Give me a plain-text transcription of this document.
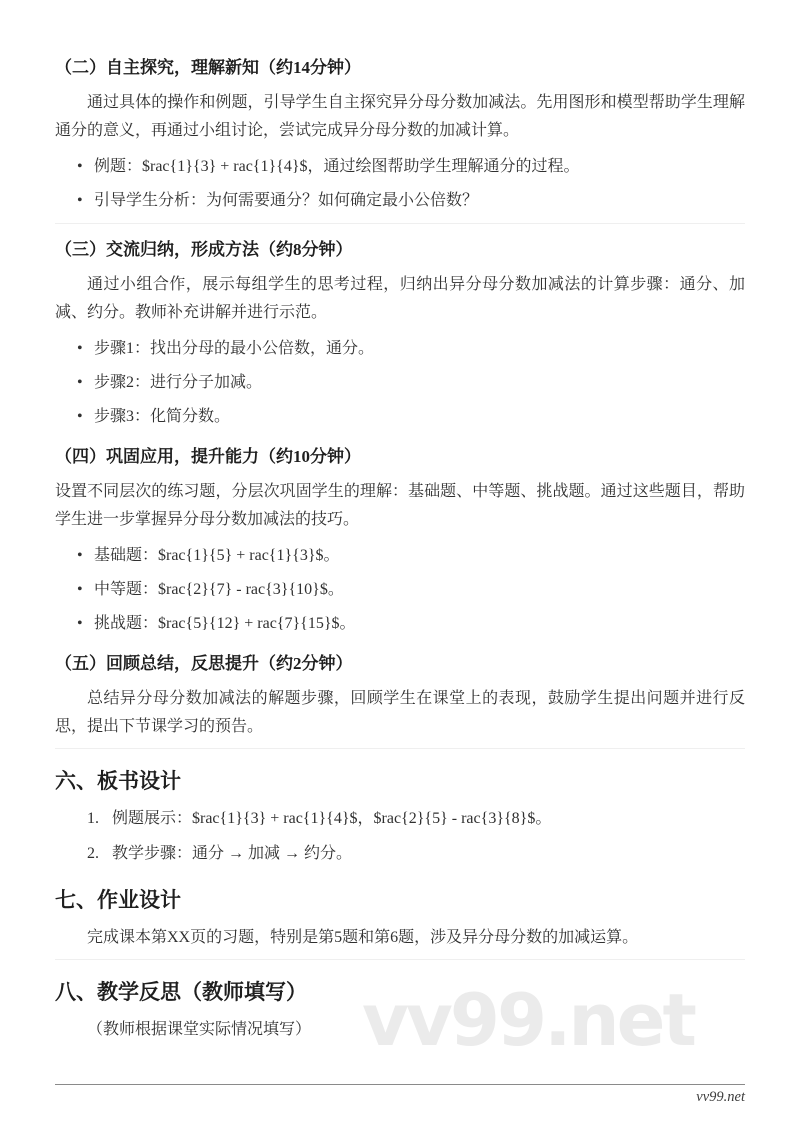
vv99.net
（二）自主探究，理解新知（约14分钟）

通过具体的操作和例题，引导学生自主探究异分母分数加减法。先用图形和模型帮助学生理解通分的意义，再通过小组讨论，尝试完成异分母分数的加减计算。

• 例题：$rac{1}{3} + rac{1}{4}$，通过绘图帮助学生理解通分的过程。
• 引导学生分析：为何需要通分？如何确定最小公倍数？
（三）交流归纳，形成方法（约8分钟）

通过小组合作，展示每组学生的思考过程，归纳出异分母分数加减法的计算步骤：通分、加减、约分。教师补充讲解并进行示范。

• 步骤1：找出分母的最小公倍数，通分。
• 步骤2：进行分子加减。
• 步骤3：化简分数。
（四）巩固应用，提升能力（约10分钟）

设置不同层次的练习题，分层次巩固学生的理解：基础题、中等题、挑战题。通过这些题目，帮助学生进一步掌握异分母分数加减法的技巧。

• 基础题：$rac{1}{5} + rac{1}{3}$。
• 中等题：$rac{2}{7} - rac{3}{10}$。
• 挑战题：$rac{5}{12} + rac{7}{15}$。
（五）回顾总结，反思提升（约2分钟）

总结异分母分数加减法的解题步骤，回顾学生在课堂上的表现，鼓励学生提出问题并进行反思，提出下节课学习的预告。

六、板书设计
1. 例题展示：$rac{1}{3} + rac{1}{4}$，$rac{2}{5} - rac{3}{8}$。
2. 教学步骤：通分 → 加减 → 约分。
七、作业设计

完成课本第XX页的习题，特别是第5题和第6题，涉及异分母分数的加减运算。

八、教学反思（教师填写）

（教师根据课堂实际情况填写）

vv99.net
